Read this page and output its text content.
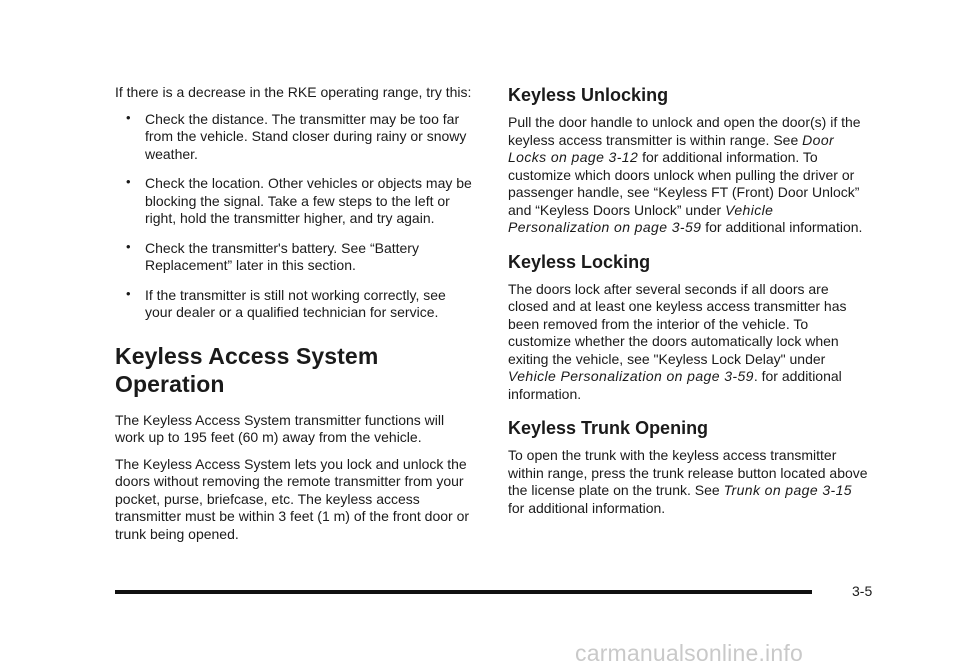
If there is a decrease in the RKE operating range, try this:

• Check the distance. The transmitter may be too far from the vehicle. Stand closer during rainy or snowy weather.
• Check the location. Other vehicles or objects may be blocking the signal. Take a few steps to the left or right, hold the transmitter higher, and try again.
• Check the transmitter's battery. See “Battery Replacement” later in this section.
• If the transmitter is still not working correctly, see your dealer or a qualified technician for service.
Keyless Access System Operation

The Keyless Access System transmitter functions will work up to 195 feet (60 m) away from the vehicle.

The Keyless Access System lets you lock and unlock the doors without removing the remote transmitter from your pocket, purse, briefcase, etc. The keyless access transmitter must be within 3 feet (1 m) of the front door or trunk being opened.

Keyless Unlocking

Pull the door handle to unlock and open the door(s) if the keyless access transmitter is within range. See Door Locks on page 3-12 for additional information. To customize which doors unlock when pulling the driver or passenger handle, see “Keyless FT (Front) Door Unlock” and “Keyless Doors Unlock” under Vehicle Personalization on page 3-59 for additional information.

Keyless Locking

The doors lock after several seconds if all doors are closed and at least one keyless access transmitter has been removed from the interior of the vehicle. To customize whether the doors automatically lock when exiting the vehicle, see "Keyless Lock Delay" under Vehicle Personalization on page 3-59. for additional information.

Keyless Trunk Opening

To open the trunk with the keyless access transmitter within range, press the trunk release button located above the license plate on the trunk. See Trunk on page 3-15 for additional information.

3-5
carmanualsonline.info
